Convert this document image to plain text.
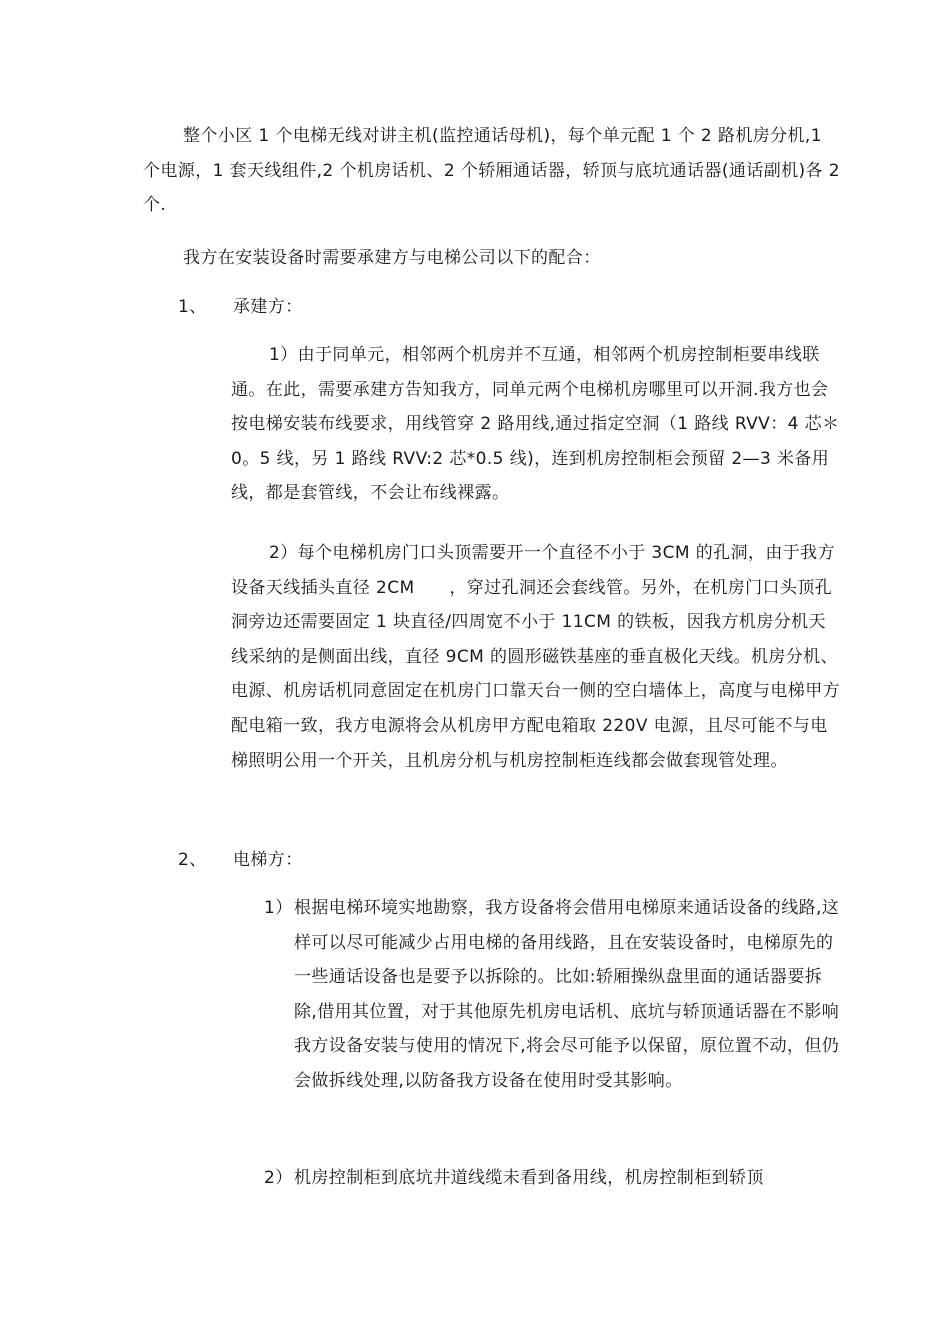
整个小区 1 个电梯无线对讲主机(监控通话母机)，每个单元配 1 个 2 路机房分机,1 个电源，1 套天线组件,2 个机房话机、2 个轿厢通话器，轿顶与底坑通话器(通话副机)各 2 个.

我方在安装设备时需要承建方与电梯公司以下的配合：

1、 承建方：

1）由于同单元，相邻两个机房并不互通，相邻两个机房控制柜要串线联通。在此，需要承建方告知我方，同单元两个电梯机房哪里可以开洞.我方也会按电梯安装布线要求，用线管穿 2 路用线,通过指定空洞（1 路线 RVV：4 芯＊0。5 线，另 1 路线 RVV:2 芯*0.5 线)，连到机房控制柜会预留 2—3 米备用线，都是套管线，不会让布线裸露。

2）每个电梯机房门口头顶需要开一个直径不小于 3CM 的孔洞，由于我方设备天线插头直径 2CM　　，穿过孔洞还会套线管。另外，在机房门口头顶孔洞旁边还需要固定 1 块直径/四周宽不小于 11CM 的铁板，因我方机房分机天线采纳的是侧面出线，直径 9CM 的圆形磁铁基座的垂直极化天线。机房分机、电源、机房话机同意固定在机房门口靠天台一侧的空白墙体上，高度与电梯甲方配电箱一致，我方电源将会从机房甲方配电箱取 220V 电源，且尽可能不与电梯照明公用一个开关，且机房分机与机房控制柜连线都会做套现管处理。

2、 电梯方：
1） 根据电梯环境实地勘察，我方设备将会借用电梯原来通话设备的线路,这样可以尽可能减少占用电梯的备用线路，且在安装设备时，电梯原先的一些通话设备也是要予以拆除的。比如:轿厢操纵盘里面的通话器要拆除,借用其位置，对于其他原先机房电话机、底坑与轿顶通话器在不影响我方设备安装与使用的情况下,将会尽可能予以保留，原位置不动，但仍会做拆线处理,以防备我方设备在使用时受其影响。
2） 机房控制柜到底坑井道线缆未看到备用线，机房控制柜到轿顶
